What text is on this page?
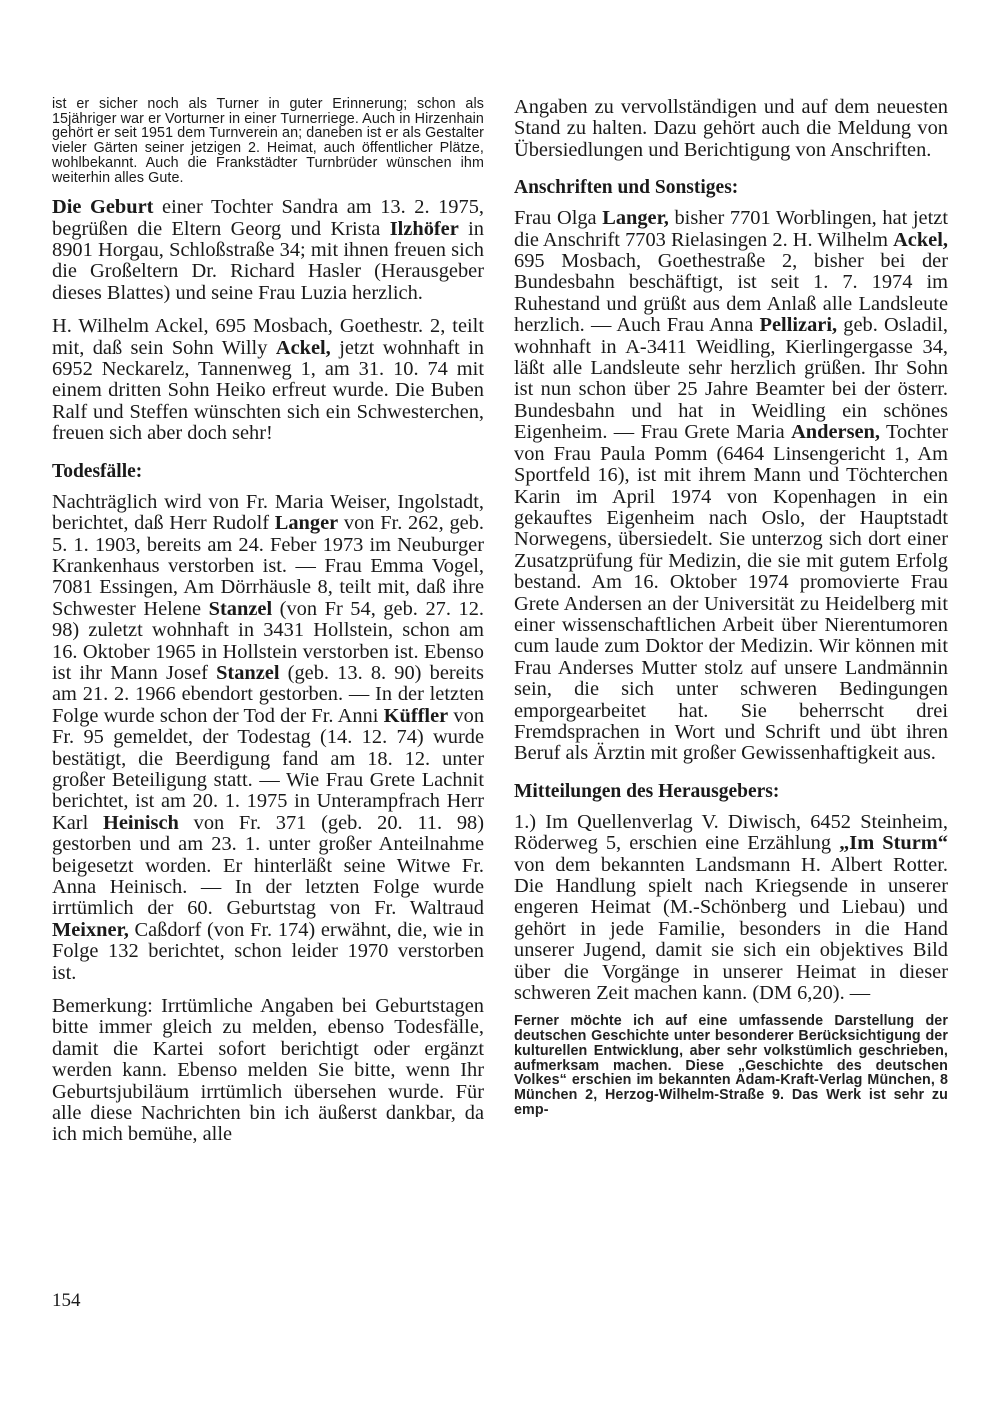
ist er sicher noch als Turner in guter Erinnerung; schon als 15jähriger war er Vorturner in einer Turnerriege. Auch in Hirzenhain gehört er seit 1951 dem Turnverein an; daneben ist er als Gestalter vieler Gärten seiner jetzigen 2. Heimat, auch öffentlicher Plätze, wohlbekannt. Auch die Frankstädter Turnbrüder wünschen ihm weiterhin alles Gute.

Die Geburt einer Tochter Sandra am 13. 2. 1975, begrüßen die Eltern Georg und Krista Ilzhöfer in 8901 Horgau, Schloßstraße 34; mit ihnen freuen sich die Großeltern Dr. Richard Hasler (Herausgeber dieses Blattes) und seine Frau Luzia herzlich.

H. Wilhelm Ackel, 695 Mosbach, Goethestr. 2, teilt mit, daß sein Sohn Willy Ackel, jetzt wohnhaft in 6952 Neckarelz, Tannenweg 1, am 31. 10. 74 mit einem dritten Sohn Heiko erfreut wurde. Die Buben Ralf und Steffen wünschten sich ein Schwesterchen, freuen sich aber doch sehr!

Todesfälle:

Nachträglich wird von Fr. Maria Weiser, Ingolstadt, berichtet, daß Herr Rudolf Langer von Fr. 262, geb. 5. 1. 1903, bereits am 24. Feber 1973 im Neuburger Krankenhaus verstorben ist. — Frau Emma Vogel, 7081 Essingen, Am Dörrhäusle 8, teilt mit, daß ihre Schwester Helene Stanzel (von Fr 54, geb. 27. 12. 98) zuletzt wohnhaft in 3431 Hollstein, schon am 16. Oktober 1965 in Hollstein verstorben ist. Ebenso ist ihr Mann Josef Stanzel (geb. 13. 8. 90) bereits am 21. 2. 1966 ebendort gestorben. — In der letzten Folge wurde schon der Tod der Fr. Anni Küffler von Fr. 95 gemeldet, der Todestag (14. 12. 74) wurde bestätigt, die Beerdigung fand am 18. 12. unter großer Beteiligung statt. — Wie Frau Grete Lachnit berichtet, ist am 20. 1. 1975 in Unterampfrach Herr Karl Heinisch von Fr. 371 (geb. 20. 11. 98) gestorben und am 23. 1. unter großer Anteilnahme beigesetzt worden. Er hinterläßt seine Witwe Fr. Anna Heinisch. — In der letzten Folge wurde irrtümlich der 60. Geburtstag von Fr. Waltraud Meixner, Caßdorf (von Fr. 174) erwähnt, die, wie in Folge 132 berichtet, schon leider 1970 verstorben ist.

Bemerkung: Irrtümliche Angaben bei Geburtstagen bitte immer gleich zu melden, ebenso Todesfälle, damit die Kartei sofort berichtigt oder ergänzt werden kann. Ebenso melden Sie bitte, wenn Ihr Geburtsjubiläum irrtümlich übersehen wurde. Für alle diese Nachrichten bin ich äußerst dankbar, da ich mich bemühe, alle

Angaben zu vervollständigen und auf dem neuesten Stand zu halten. Dazu gehört auch die Meldung von Übersiedlungen und Berichtigung von Anschriften.

Anschriften und Sonstiges:

Frau Olga Langer, bisher 7701 Worblingen, hat jetzt die Anschrift 7703 Rielasingen 2. H. Wilhelm Ackel, 695 Mosbach, Goethestraße 2, bisher bei der Bundesbahn beschäftigt, ist seit 1. 7. 1974 im Ruhestand und grüßt aus dem Anlaß alle Landsleute herzlich. — Auch Frau Anna Pellizari, geb. Osladil, wohnhaft in A-3411 Weidling, Kierlingergasse 34, läßt alle Landsleute sehr herzlich grüßen. Ihr Sohn ist nun schon über 25 Jahre Beamter bei der österr. Bundesbahn und hat in Weidling ein schönes Eigenheim. — Frau Grete Maria Andersen, Tochter von Frau Paula Pomm (6464 Linsengericht 1, Am Sportfeld 16), ist mit ihrem Mann und Töchterchen Karin im April 1974 von Kopenhagen in ein gekauftes Eigenheim nach Oslo, der Hauptstadt Norwegens, übersiedelt. Sie unterzog sich dort einer Zusatzprüfung für Medizin, die sie mit gutem Erfolg bestand. Am 16. Oktober 1974 promovierte Frau Grete Andersen an der Universität zu Heidelberg mit einer wissenschaftlichen Arbeit über Nierentumoren cum laude zum Doktor der Medizin. Wir können mit Frau Anderses Mutter stolz auf unsere Landmännin sein, die sich unter schweren Bedingungen emporgearbeitet hat. Sie beherrscht drei Fremdsprachen in Wort und Schrift und übt ihren Beruf als Ärztin mit großer Gewissenhaftigkeit aus.

Mitteilungen des Herausgebers:

1.) Im Quellenverlag V. Diwisch, 6452 Steinheim, Röderweg 5, erschien eine Erzählung „Im Sturm“ von dem bekannten Landsmann H. Albert Rotter. Die Handlung spielt nach Kriegsende in unserer engeren Heimat (M.-Schönberg und Liebau) und gehört in jede Familie, besonders in die Hand unserer Jugend, damit sie sich ein objektives Bild über die Vorgänge in unserer Heimat in dieser schweren Zeit machen kann. (DM 6,20). —

Ferner möchte ich auf eine umfassende Darstellung der deutschen Geschichte unter besonderer Berücksichtigung der kulturellen Entwicklung, aber sehr volkstümlich geschrieben, aufmerksam machen. Diese „Geschichte des deutschen Volkes“ erschien im bekannten Adam-Kraft-Verlag München, 8 München 2, Herzog-Wilhelm-Straße 9. Das Werk ist sehr zu emp-

154
